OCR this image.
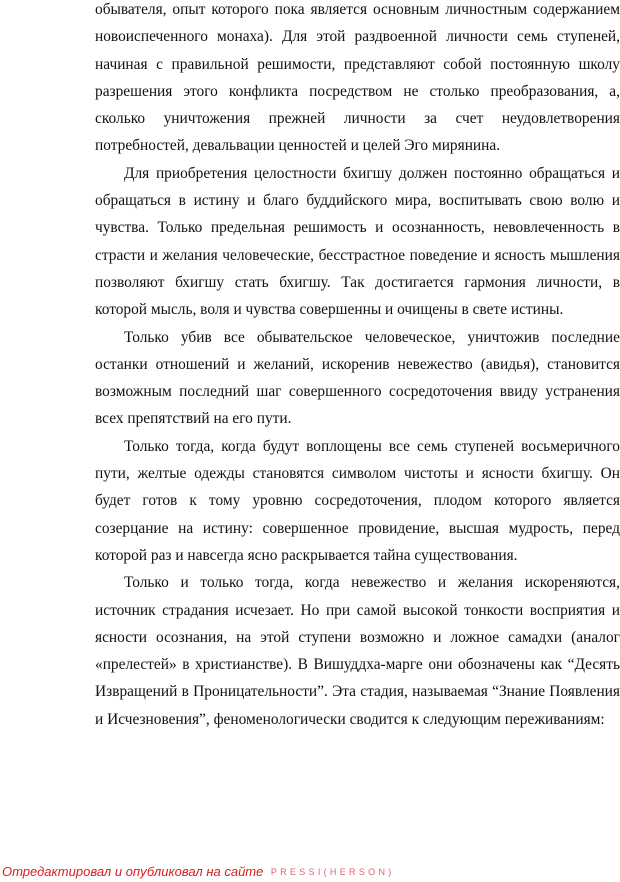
обывателя, опыт которого пока является основным личностным содержанием новоиспеченного монаха). Для этой раздвоенной личности семь ступеней, начиная с правильной решимости, представляют собой постоянную школу разрешения этого конфликта посредством не столько преобразования, а, сколько уничтожения прежней личности за счет неудовлетворения потребностей, девальвации ценностей и целей Эго мирянина.

Для приобретения целостности бхигшу должен постоянно обращаться и обращаться в истину и благо буддийского мира, воспитывать свою волю и чувства. Только предельная решимость и осознанность, невовлеченность в страсти и желания человеческие, бесстрастное поведение и ясность мышления позволяют бхигшу стать бхигшу. Так достигается гармония личности, в которой мысль, воля и чувства совершенны и очищены в свете истины.

Только убив все обывательское человеческое, уничтожив последние останки отношений и желаний, искоренив невежество (авидья), становится возможным последний шаг совершенного сосредоточения ввиду устранения всех препятствий на его пути.

Только тогда, когда будут воплощены все семь ступеней восьмеричного пути, желтые одежды становятся символом чистоты и ясности бхигшу. Он будет готов к тому уровню сосредоточения, плодом которого является созерцание на истину: совершенное провидение, высшая мудрость, перед которой раз и навсегда ясно раскрывается тайна существования.

Только и только тогда, когда невежество и желания искореняются, источник страдания исчезает. Но при самой высокой тонкости восприятия и ясности осознания, на этой ступени возможно и ложное самадхи (аналог «прелестей» в христианстве). В Вишуддха-марге они обозначены как “Десять Извращений в Проницательности”. Эта стадия, называемая “Знание Появления и Исчезновения”, феноменологически сводится к следующим переживаниям:

Отредактировал и опубликовал на сайте PRESSI(HERSON)
